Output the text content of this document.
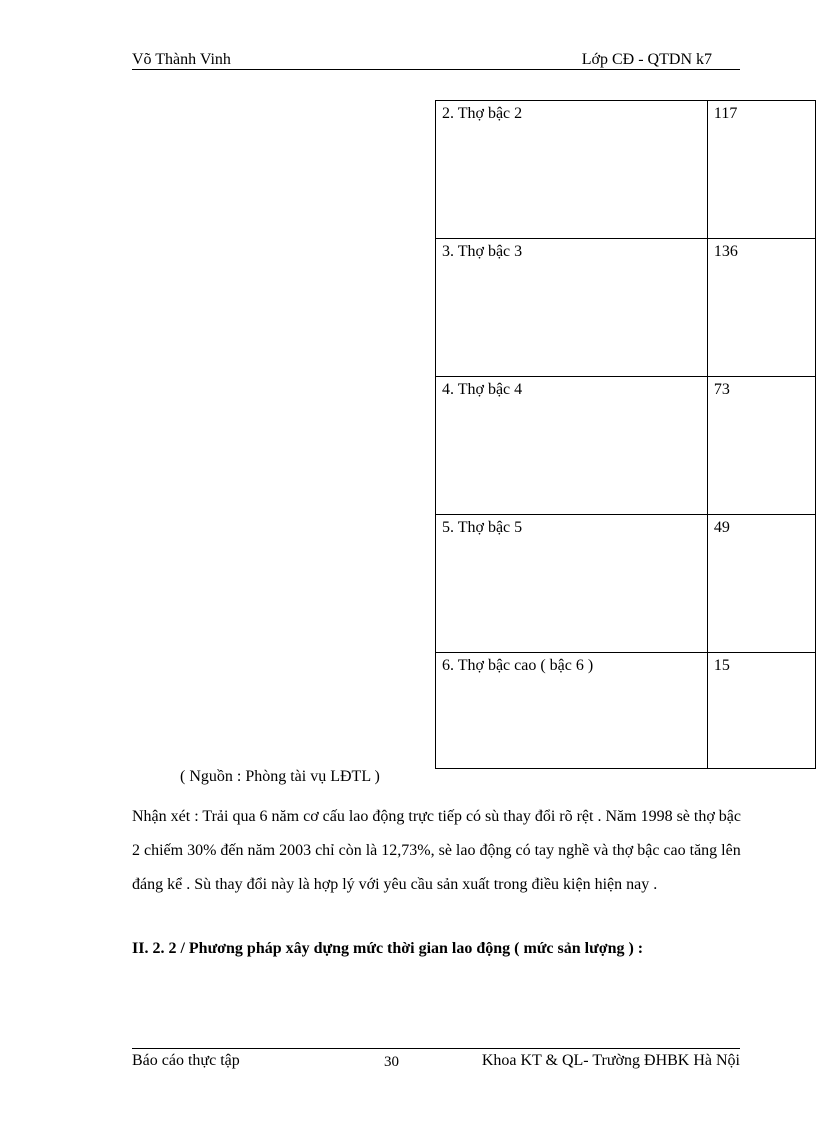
Võ Thành Vinh	Lớp CĐ - QTDN k7
2. Thợ bậc 2	117
3. Thợ bậc 3	136
4. Thợ bậc 4	73
5. Thợ bậc 5	49
6. Thợ bậc cao ( bậc 6 )	15
( Nguồn : Phòng tài vụ LĐTL )

Nhận xét : Trải qua 6 năm cơ cấu lao động trực tiếp có sù thay đổi rõ rệt . Năm 1998 sè thợ bậc 2 chiếm 30% đến năm 2003 chỉ còn là 12,73%, sè lao động có tay nghề và thợ bậc cao tăng lên đáng kể . Sù thay đổi này là hợp lý với yêu cầu sản xuất trong điều kiện hiện nay .

II. 2. 2 / Phương pháp xây dựng mức thời gian lao động ( mức sản lượng ) :

Báo cáo thực tập	30	Khoa KT & QL- Trường ĐHBK Hà Nội
